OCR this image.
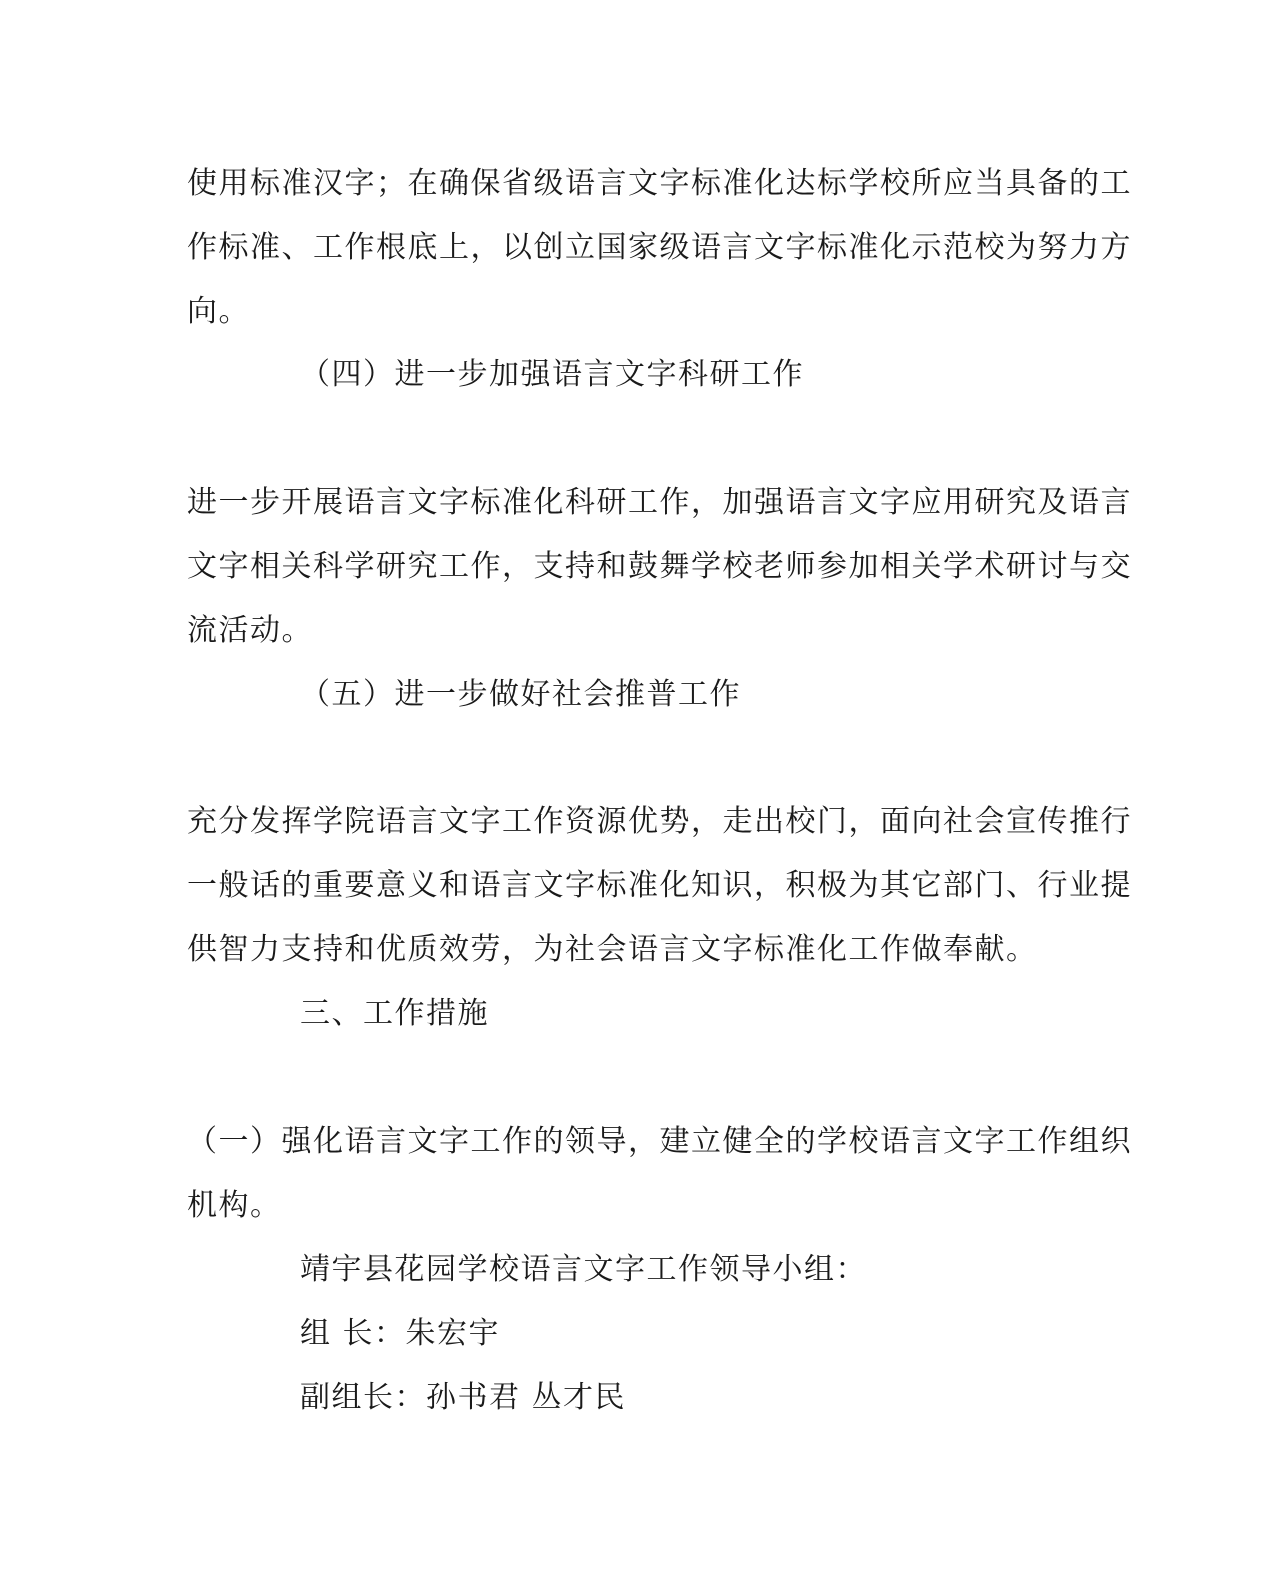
使用标准汉字；在确保省级语言文字标准化达标学校所应当具备的工
作标准、工作根底上，以创立国家级语言文字标准化示范校为努力方
向。
（四）进一步加强语言文字科研工作
进一步开展语言文字标准化科研工作，加强语言文字应用研究及语言
文字相关科学研究工作，支持和鼓舞学校老师参加相关学术研讨与交
流活动。
（五）进一步做好社会推普工作
充分发挥学院语言文字工作资源优势，走出校门，面向社会宣传推行
一般话的重要意义和语言文字标准化知识，积极为其它部门、行业提
供智力支持和优质效劳，为社会语言文字标准化工作做奉献。
三、工作措施
（一）强化语言文字工作的领导，建立健全的学校语言文字工作组织
机构。
靖宇县花园学校语言文字工作领导小组：
组 长：朱宏宇
副组长：孙书君 丛才民
